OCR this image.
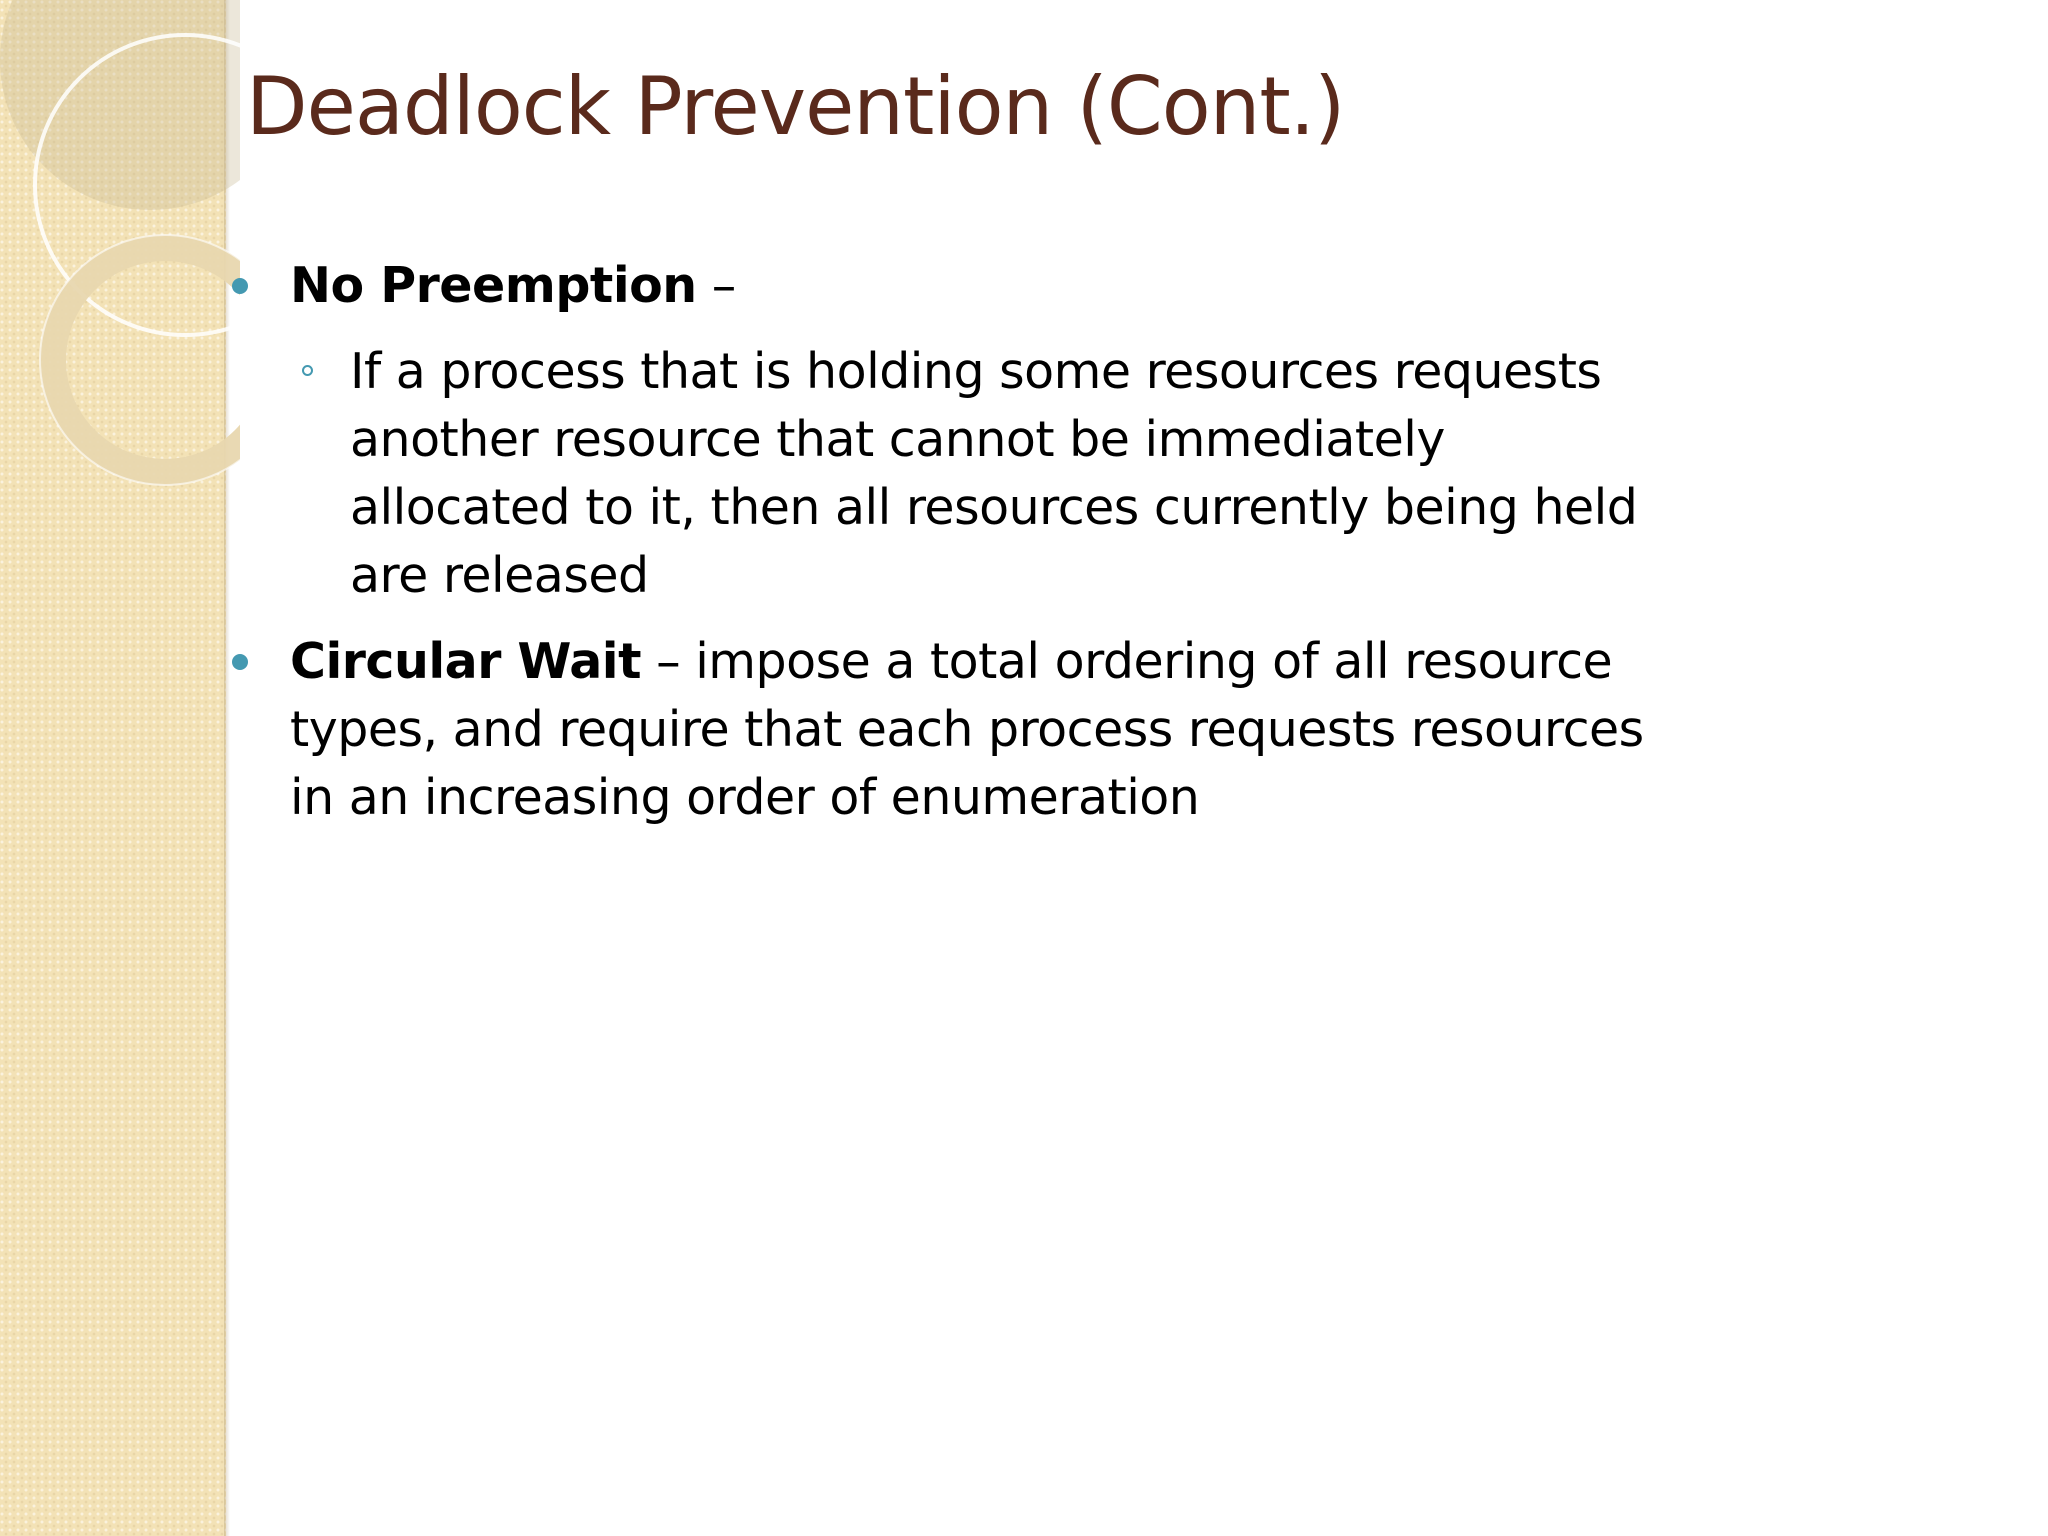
Deadlock Prevention (Cont.)
No Preemption –
If a process that is holding some resources requests another resource that cannot be immediately allocated to it, then all resources currently being held are released
Circular Wait – impose a total ordering of all resource types, and require that each process requests resources in an increasing order of enumeration
